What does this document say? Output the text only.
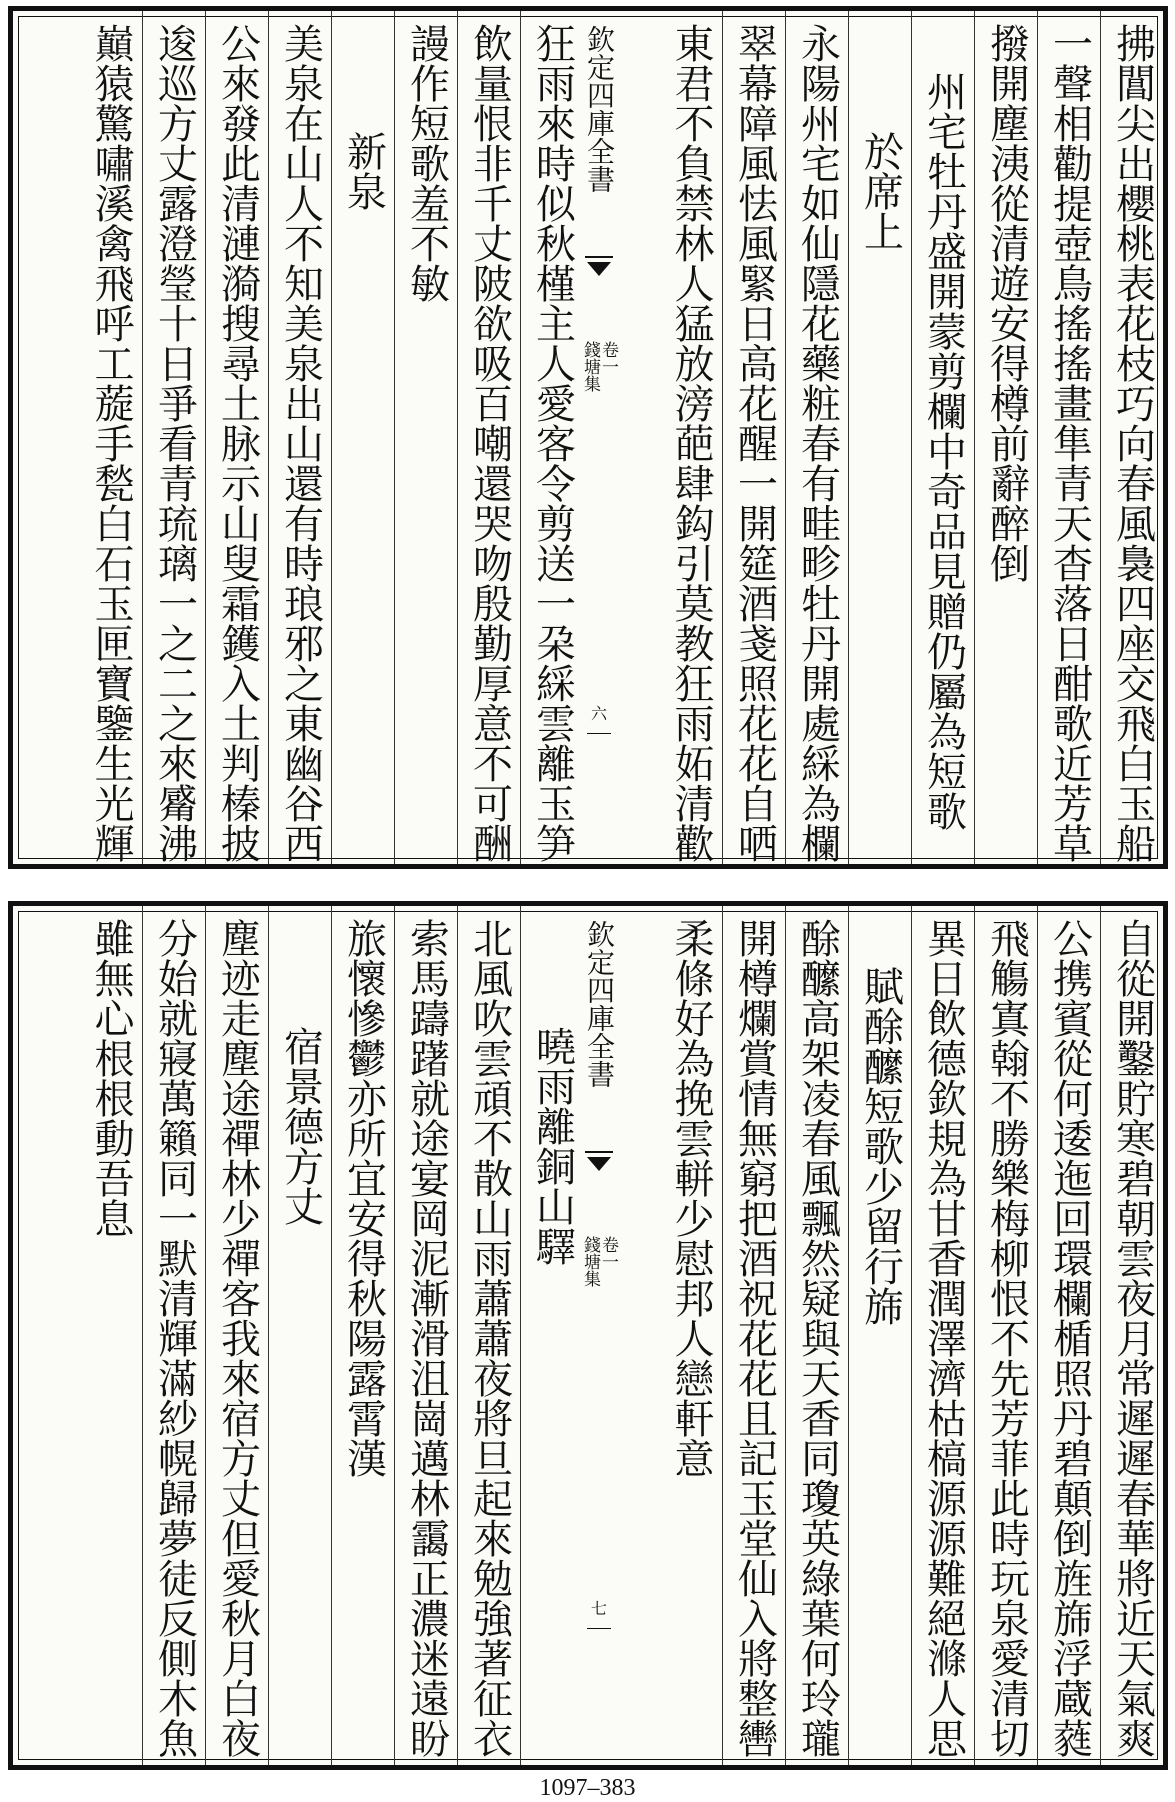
拂閶尖出櫻桃表花枝巧向春風裊四座交飛白玉船
一聲相勸提壺鳥搖搖畫隼青天杳落日酣歌近芳草
撥開塵洟從清遊安得樽前辭醉倒
州宅牡丹盛開蒙剪欄中奇品見贈仍屬為短歌
於席上
永陽州宅如仙隱花藥粧春有畦畛牡丹開處綵為欄
翠幕障風怯風緊日高花醒一開筵酒戔照花花自哂
東君不負禁林人猛放滂葩肆鈎引莫教狂雨妬清歡
欽定四庫全書
錢塘集
卷一
六
狂雨來時似秋槿主人愛客令剪送一朶綵雲離玉笋
飲量恨非千丈陂欲吸百嘲還哭吻殷勤厚意不可酬
謾作短歌羞不敏
新泉
美泉在山人不知美泉出山還有時琅邪之東幽谷西
公來發此清漣漪搜尋土脉示山叟霜鑊入土判榛披
逡巡方丈露澄瑩十日爭看青琉璃一之二之來觱沸
巔猿驚嘯溪禽飛呼工蔙手甃白石玉匣寶鑒生光輝
自從開鑿貯寒碧朝雲夜月常遲遲春華將近天氣爽
公携賓從何逶迤回環欄楯照丹碧顛倒旌旆浮蔵蕤
飛觴寘翰不勝樂梅柳恨不先芳菲此時玩泉愛清切
異日飲德欽規為甘香潤澤濟枯槁源源難絕滌人思
賦酴醿短歌少留行旆
酴醿高架凌春風飄然疑與天香同瓊英綠葉何玲瓏
開樽爛賞情無窮把酒祝花花且記玉堂仙入將整轡
柔條好為挽雲軿少慰邦人戀軒意
欽定四庫全書
錢塘集
卷一
七
曉雨離銅山驛
北風吹雲頑不散山雨蕭蕭夜將旦起來勉強著征衣
索馬躊躇就途宴岡泥漸滑沮崗邁林靄正濃迷遠盼
旅懷慘鬱亦所宜安得秋陽露霄漢
宿景德方丈
塵迹走塵途禪林少禪客我來宿方丈但愛秋月白夜
分始就寢萬籟同一默清輝滿紗幌歸夢徒反側木魚
雖無心根根動吾息
1097–383
